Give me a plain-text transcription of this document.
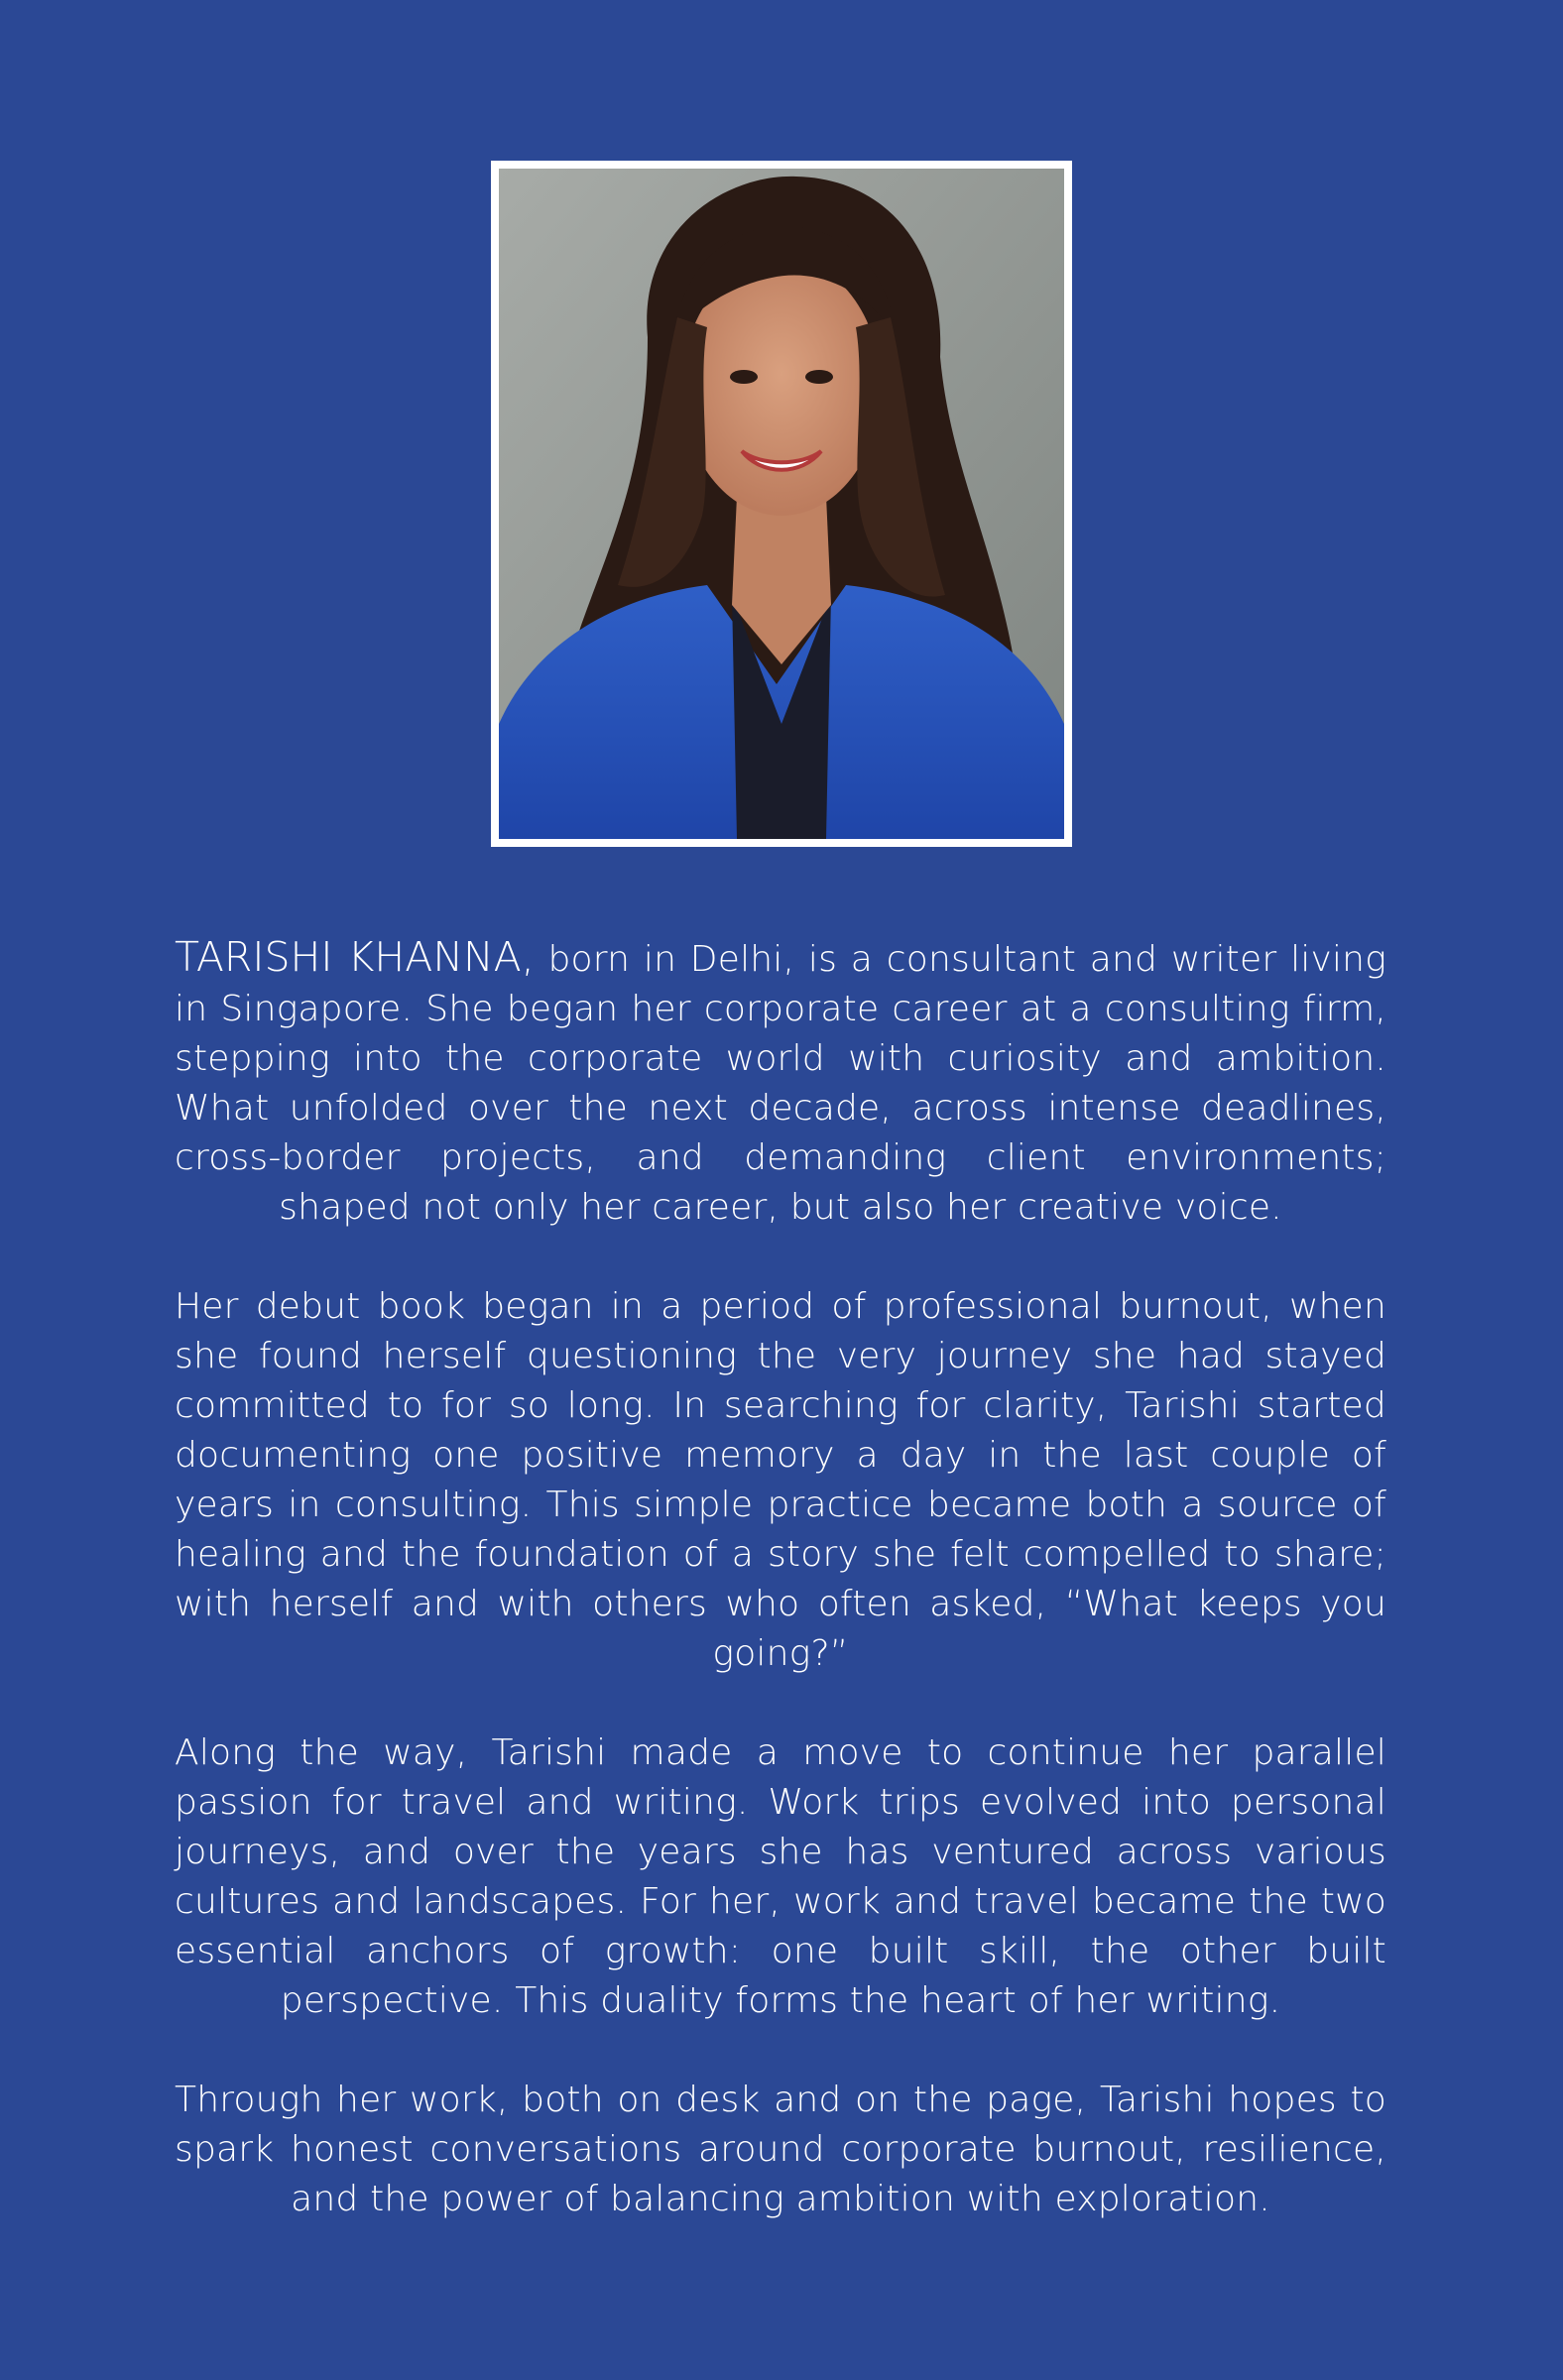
TARISHI KHANNA, born in Delhi, is a consultant and writer living in Singapore. She began her corporate career at a consulting firm, stepping into the corporate world with curiosity and ambition. What unfolded over the next decade, across intense deadlines, cross-border projects, and demanding client environments; shaped not only her career, but also her creative voice.

Her debut book began in a period of professional burnout, when she found herself questioning the very journey she had stayed committed to for so long. In searching for clarity, Tarishi started documenting one positive memory a day in the last couple of years in consulting. This simple practice became both a source of healing and the foundation of a story she felt compelled to share; with herself and with others who often asked, “What keeps you going?”

Along the way, Tarishi made a move to continue her parallel passion for travel and writing. Work trips evolved into personal journeys, and over the years she has ventured across various cultures and landscapes. For her, work and travel became the two essential anchors of growth: one built skill, the other built perspective. This duality forms the heart of her writing.

Through her work, both on desk and on the page, Tarishi hopes to spark honest conversations around corporate burnout, resilience, and the power of balancing ambition with exploration.
